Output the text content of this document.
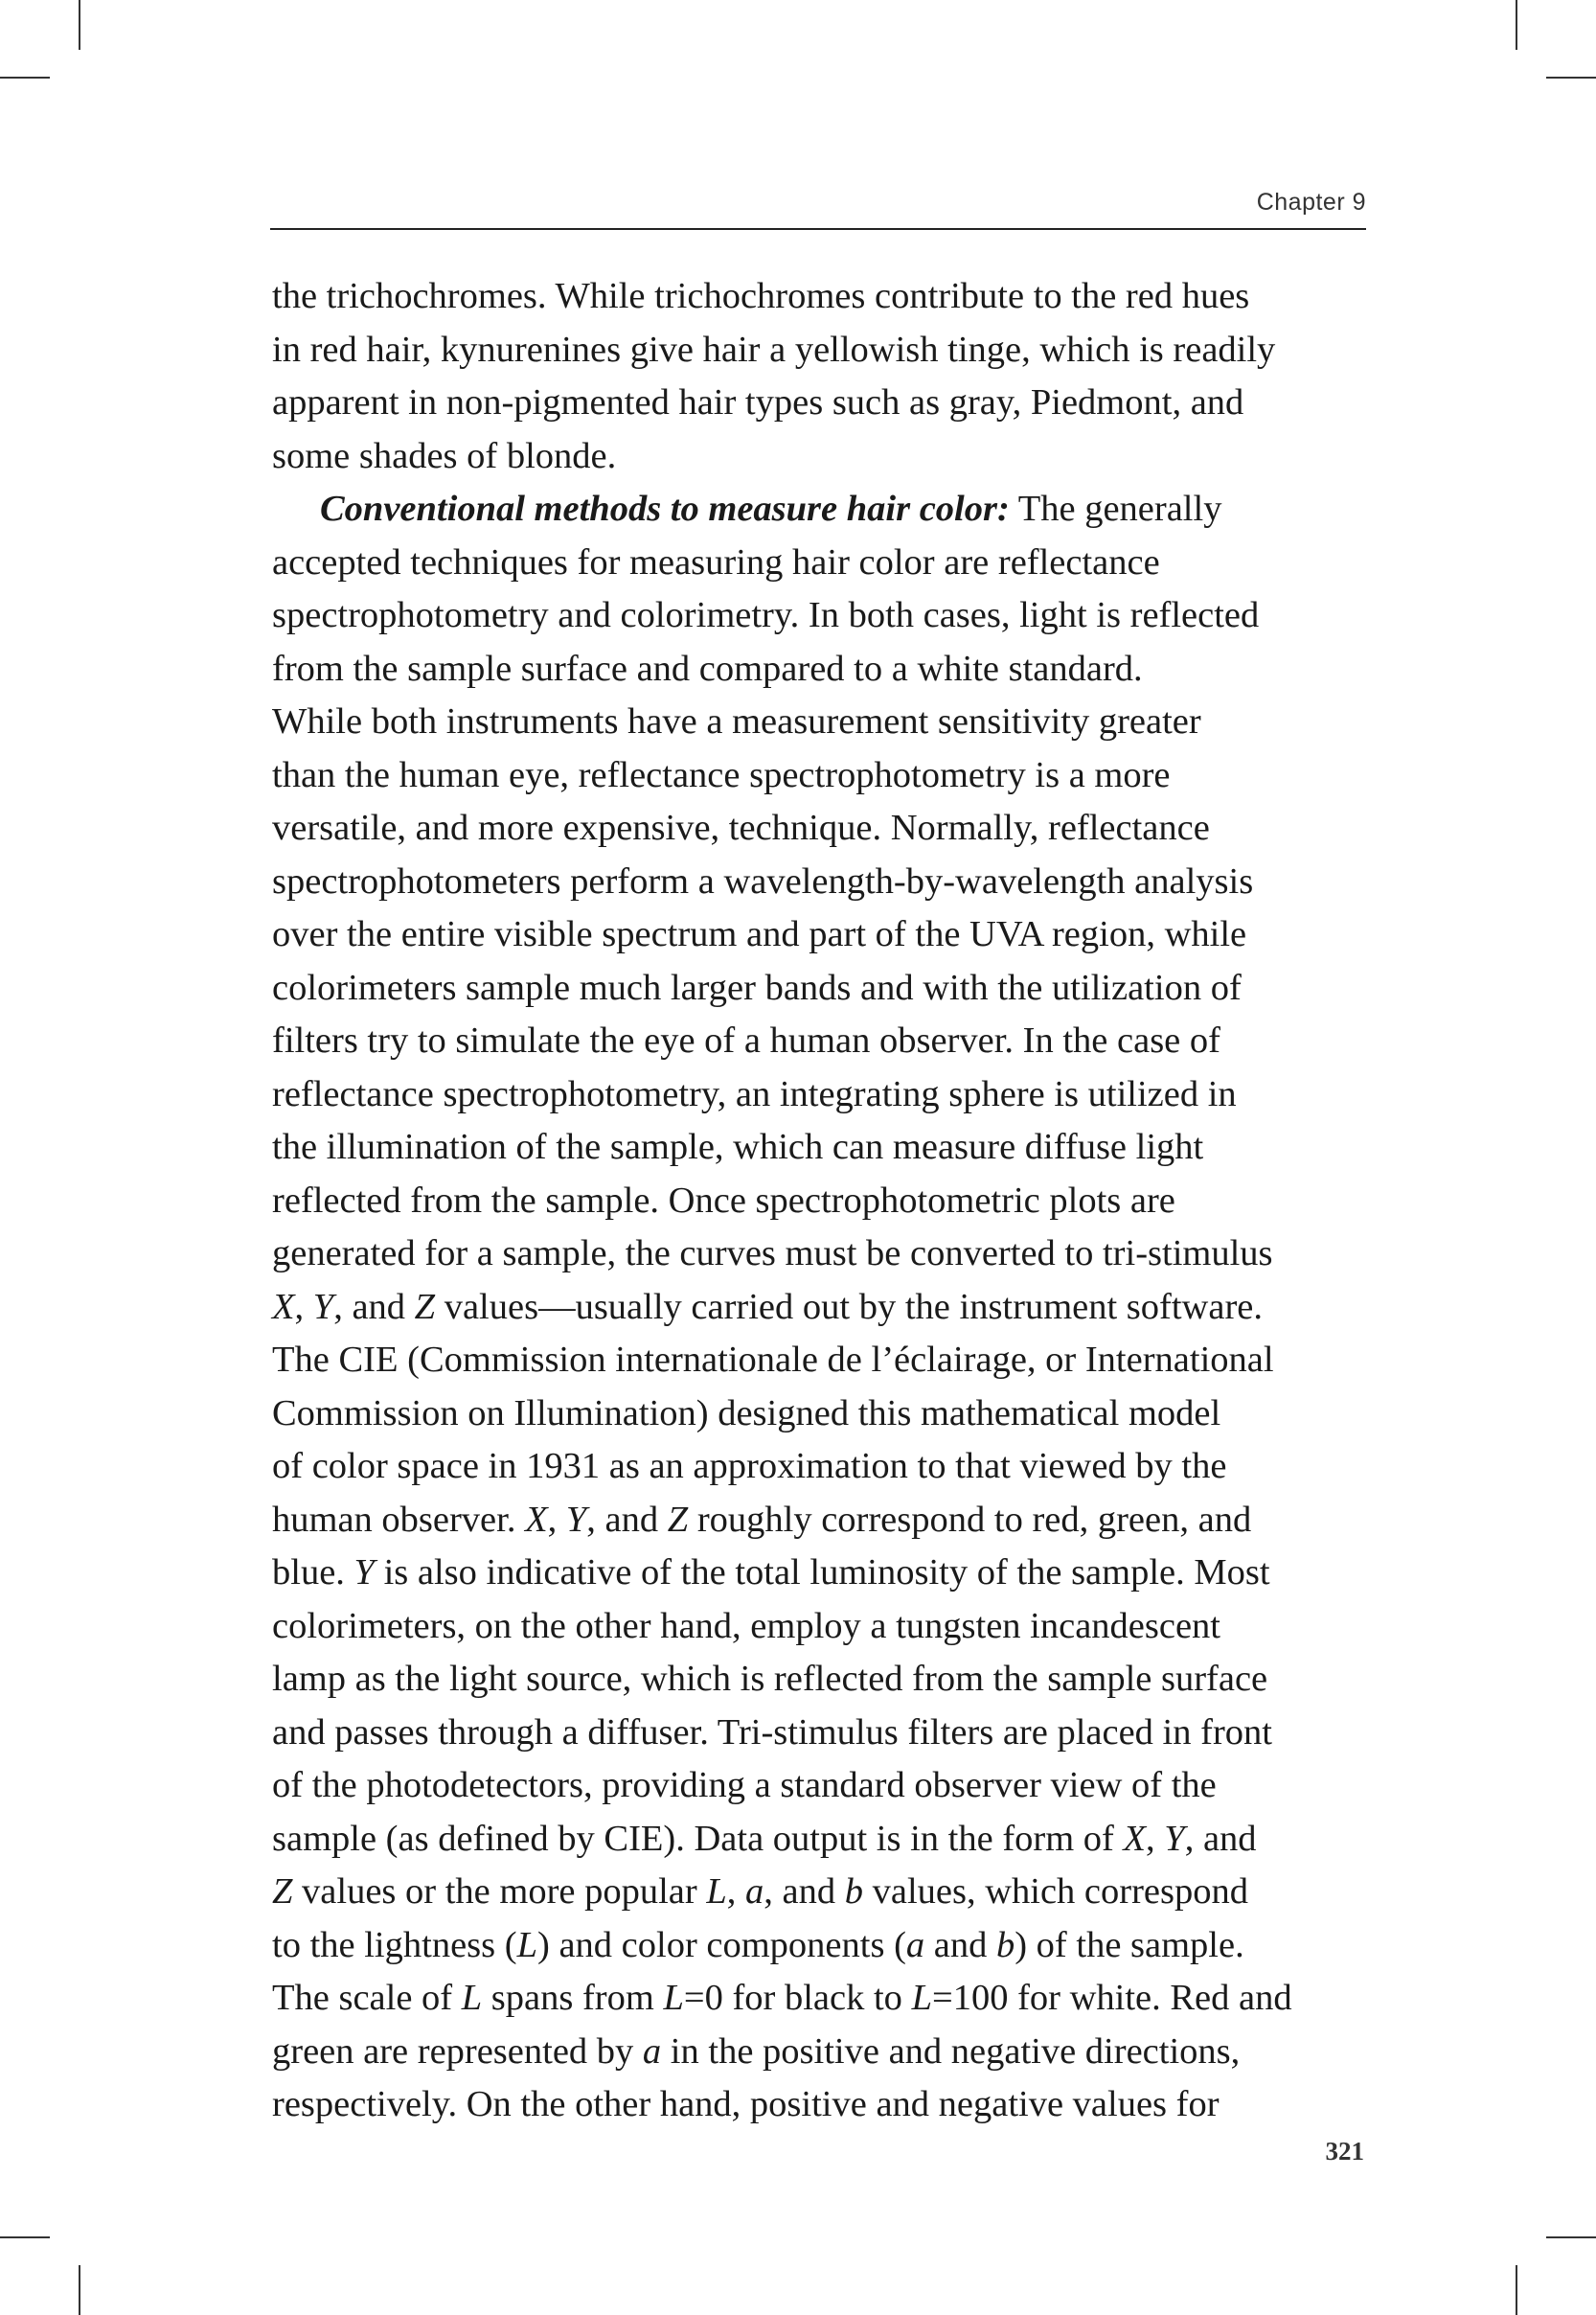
Chapter 9
the trichochromes. While trichochromes contribute to the red hues
in red hair, kynurenines give hair a yellowish tinge, which is readily
apparent in non-pigmented hair types such as gray, Piedmont, and
some shades of blonde.
Conventional methods to measure hair color: The generally
accepted techniques for measuring hair color are reflectance
spectrophotometry and colorimetry. In both cases, light is reflected
from the sample surface and compared to a white standard.
While both instruments have a measurement sensitivity greater
than the human eye, reflectance spectrophotometry is a more
versatile, and more expensive, technique. Normally, reflectance
spectrophotometers perform a wavelength-by-wavelength analysis
over the entire visible spectrum and part of the UVA region, while
colorimeters sample much larger bands and with the utilization of
filters try to simulate the eye of a human observer. In the case of
reflectance spectrophotometry, an integrating sphere is utilized in
the illumination of the sample, which can measure diffuse light
reflected from the sample. Once spectrophotometric plots are
generated for a sample, the curves must be converted to tri-stimulus
X, Y, and Z values—usually carried out by the instrument software.
The CIE (Commission internationale de l’éclairage, or International
Commission on Illumination) designed this mathematical model
of color space in 1931 as an approximation to that viewed by the
human observer. X, Y, and Z roughly correspond to red, green, and
blue. Y is also indicative of the total luminosity of the sample. Most
colorimeters, on the other hand, employ a tungsten incandescent
lamp as the light source, which is reflected from the sample surface
and passes through a diffuser. Tri-stimulus filters are placed in front
of the photodetectors, providing a standard observer view of the
sample (as defined by CIE). Data output is in the form of X, Y, and
Z values or the more popular L, a, and b values, which correspond
to the lightness (L) and color components (a and b) of the sample.
The scale of L spans from L=0 for black to L=100 for white. Red and
green are represented by a in the positive and negative directions,
respectively. On the other hand, positive and negative values for
321
